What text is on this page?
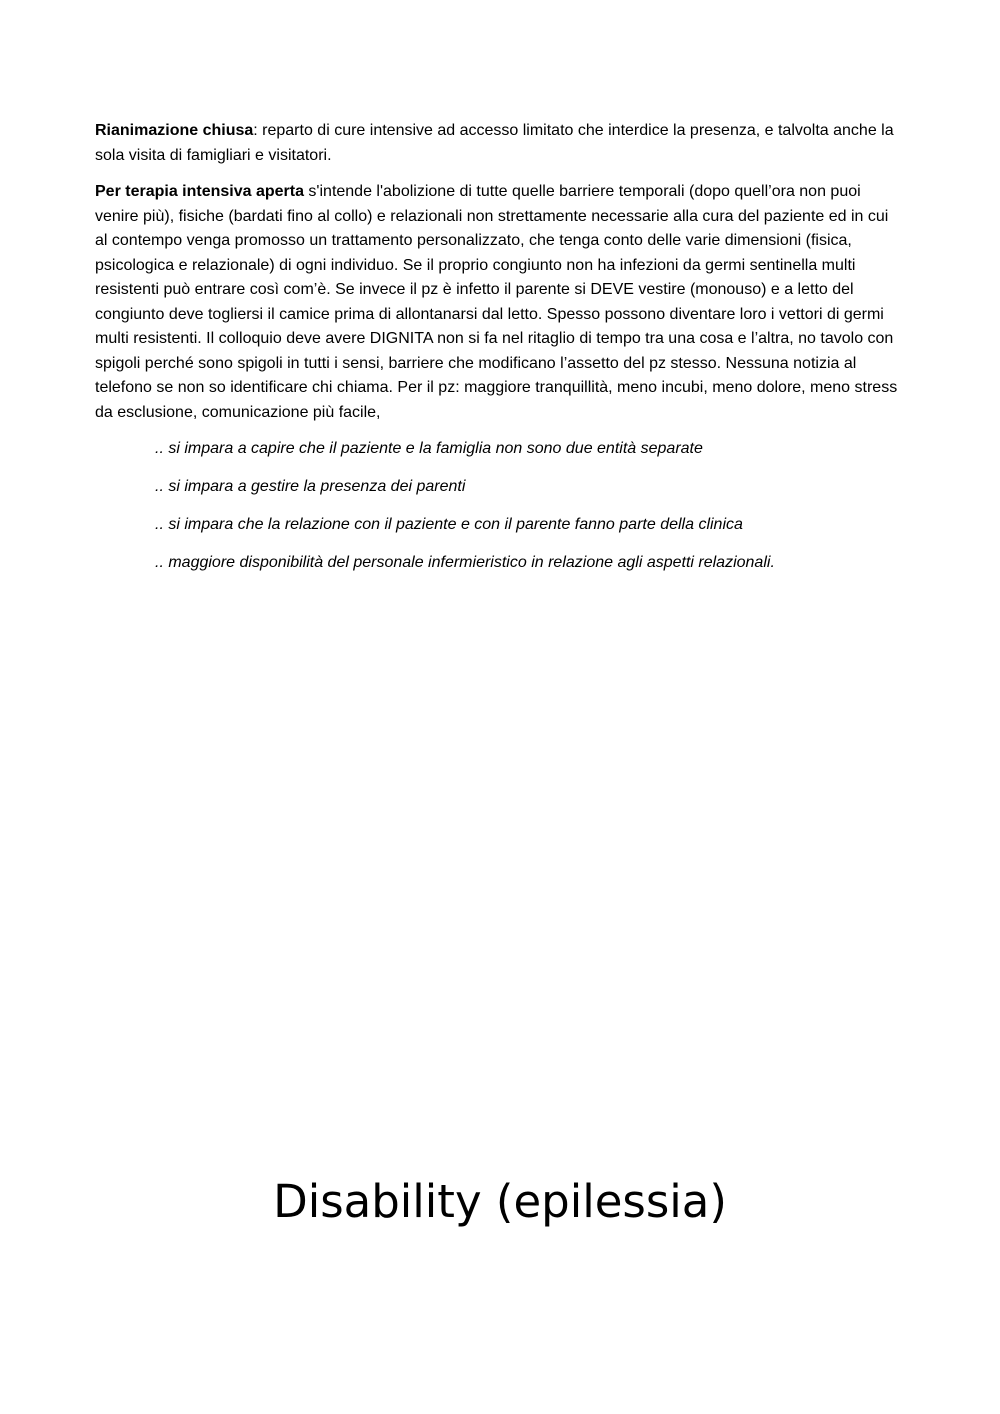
Rianimazione chiusa: reparto di cure intensive ad accesso limitato che interdice la presenza, e talvolta anche la sola visita di famigliari e visitatori.

Per terapia intensiva aperta s'intende l'abolizione di tutte quelle barriere temporali (dopo quell’ora non puoi venire più), fisiche (bardati fino al collo) e relazionali non strettamente necessarie alla cura del paziente ed in cui al contempo venga promosso un trattamento personalizzato, che tenga conto delle varie dimensioni (fisica, psicologica e relazionale) di ogni individuo. Se il proprio congiunto non ha infezioni da germi sentinella multi resistenti può entrare così com’è. Se invece il pz è infetto il parente si DEVE vestire (monouso) e a letto del congiunto deve togliersi il camice prima di allontanarsi dal letto. Spesso possono diventare loro i vettori di germi multi resistenti. Il colloquio deve avere DIGNITA non si fa nel ritaglio di tempo tra una cosa e l’altra, no tavolo con spigoli perché sono spigoli in tutti i sensi, barriere che modificano l’assetto del pz stesso. Nessuna notizia al telefono se non so identificare chi chiama. Per il pz: maggiore tranquillità, meno incubi, meno dolore, meno stress da esclusione, comunicazione più facile,

.. si impara a capire che il paziente e la famiglia non sono due entità separate
.. si impara a gestire la presenza dei parenti
.. si impara che la relazione con il paziente e con il parente fanno parte della clinica
.. maggiore disponibilità del personale infermieristico in relazione agli aspetti relazionali.
Disability (epilessia)
